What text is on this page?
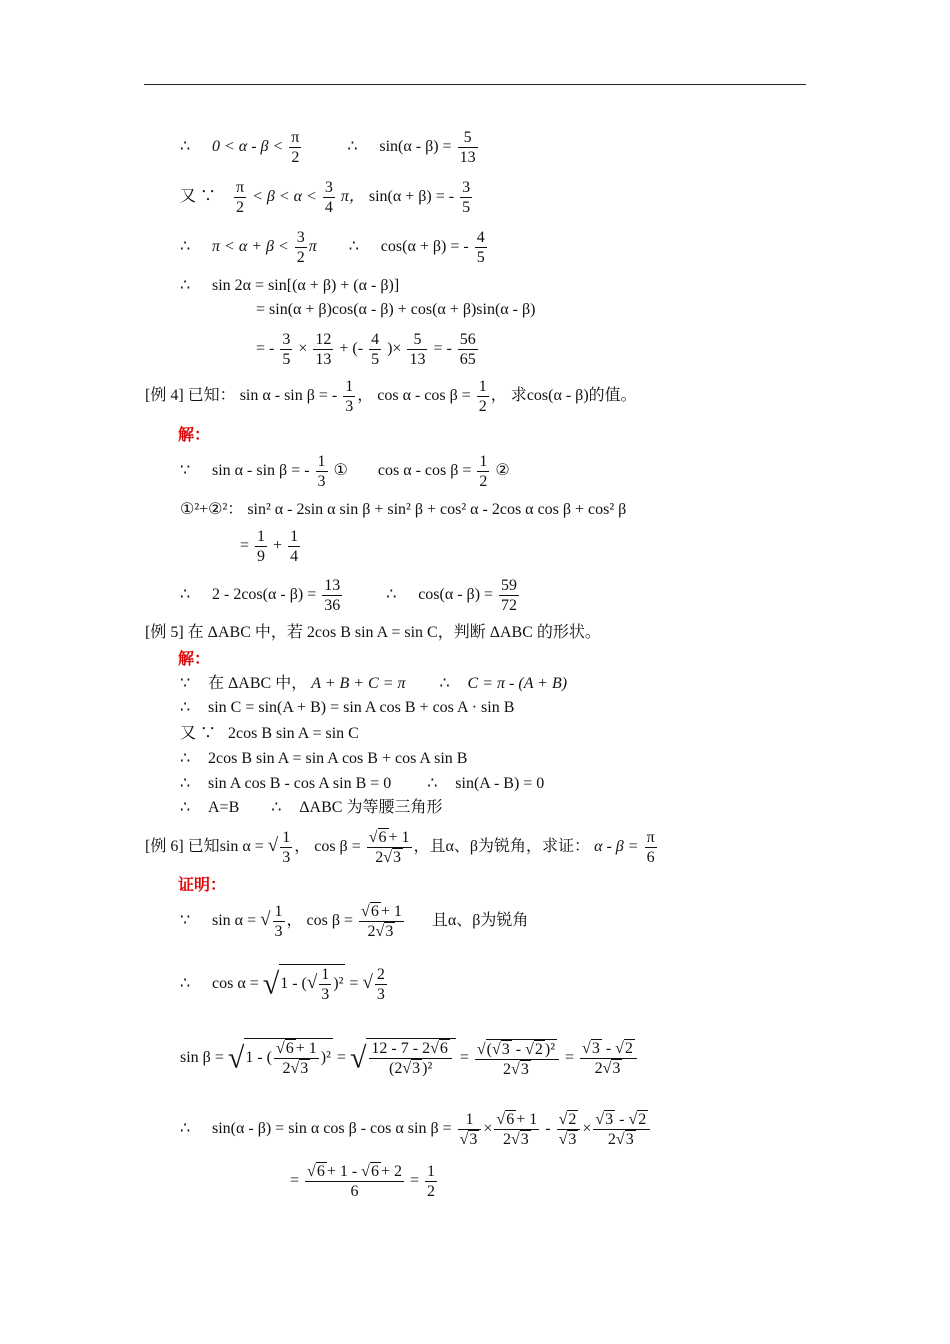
∴ $0 < \alpha - \beta < \frac{\pi}{2}$	∴ $\sin(\alpha - \beta) = \frac{5}{13}$
又 ∵ $\frac{\pi}{2} < \beta < \alpha < \frac{3}{4}$ π， sin(α + β) = - $\frac{3}{5}$
∴ $\pi < \alpha + \beta < \frac{3}{2}$ π ∴ cos(α + β) = - $\frac{4}{5}$
∴ sin 2α = sin[(α + β) + (α - β)]
= sin(α + β)cos(α - β) + cos(α + β)sin(α - β)
= - $\frac{3}{5} \times \frac{12}{13}$ + (- $\frac{4}{5}$ )× $\frac{5}{13}$ = - $\frac{56}{65}$
[例 4] 已知： sin α - sin β = - $\frac{1}{3}$ ， $\cos \alpha - \cos \beta = \frac{1}{2}$ ， 求cos(α - β)的值。
解：
∵ sin α - sin β = - $\frac{1}{3}$ ① $\cos \alpha - \cos \beta = \frac{1}{2}$ ②
①²+②²： sin² α - 2sin α sin β + sin² β + cos² α - 2cos α cos β + cos² β
= $\frac{1}{9} + \frac{1}{4}$
∴ $2 - 2\cos(\alpha - \beta) = \frac{13}{36}$	∴ $\cos(\alpha - \beta) = \frac{59}{72}$
[例 5] 在 ΔABC 中，若 2cos B sin A = sin C，判断 ΔABC 的形状。
解：
∵ 在 ΔABC 中， A + B + C = π ∴ C = π - (A + B)
∴ sin C = sin(A + B) = sin A cos B + cos A · sin B
又 ∵ 2cos B sin A = sin C
∴ 2cos B sin A = sin A cos B + cos A sin B
∴ sin A cos B - cos A sin B = 0 ∴ sin(A - B) = 0
∴ A=B ∴ ΔABC 为等腰三角形
[例 6] 已知sin α = √ $\frac{1}{3}$ ， $\cos \beta = \frac{√6 + 1}{2√3}$ ，且α、β为锐角，求证： $\alpha - \beta = \frac{\pi}{6}$
证明：
∵ sin α = √ $\frac{1}{3}$ ， $\cos \beta = \frac{√6 + 1}{2√3}$ 且α、β为锐角
∴ cos α = √1 - (√ $\frac{1}{3} )^2$ = √ $\frac{2}{3}$
sin β = √1 - ( $\frac{√6 + 1}{2√3} )^2$ = √ $\frac{12 - 7 - 2√6}{\text{(2√3 )²}} = \frac{\text{√(√3 - √2 )²}}{2√3} = \frac{√3 - √2}{2√3}$
∴ sin(α - β) = sin α cos β - cos α $\sin \beta = \frac{1}{√3} \times \frac{√6 + 1}{2√3} - \frac{√2}{√3} \times \frac{√3 - √2}{2√3}$
= $\frac{√6 + 1 - √6 + 2}{6} = \frac{1}{2}$
